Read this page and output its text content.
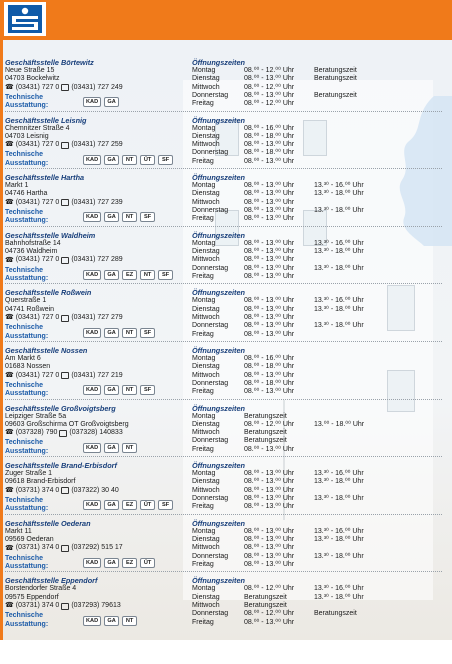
Geschäftsstelle Börtewitz
Neue Straße 15
04703 Bockelwitz
☎ (03431) 727 0 (03431) 727 249
Technische Ausstattung:	KAD	GA
Öffnungszeiten
Montag	08.⁰⁰ - 12.⁰⁰ Uhr	Beratungszeit
Dienstag	08.⁰⁰ - 13.⁰⁰ Uhr	Beratungszeit
Mittwoch	08.⁰⁰ - 12.⁰⁰ Uhr
Donnerstag 08.⁰⁰ - 13.⁰⁰ Uhr	Beratungszeit
Freitag	08.⁰⁰ - 12.⁰⁰ Uhr
Geschäftsstelle Leisnig
Chemnitzer Straße 4
04703 Leisnig
☎ (03431) 727 0 (03431) 727 259
Technische Ausstattung:	KAD	GA	NT	ÜT	SF
Öffnungszeiten
Montag	08.⁰⁰ - 16.⁰⁰ Uhr
Dienstag	08.⁰⁰ - 18.⁰⁰ Uhr
Mittwoch	08.⁰⁰ - 13.⁰⁰ Uhr
Donnerstag 08.⁰⁰ - 18.⁰⁰ Uhr
Freitag	08.⁰⁰ - 13.⁰⁰ Uhr
Geschäftsstelle Hartha
Markt 1
04746 Hartha
☎ (03431) 727 0 (03431) 727 239
Technische Ausstattung:	KAD	GA	NT	SF
Öffnungszeiten
Montag	08.⁰⁰ - 13.⁰⁰ Uhr	13.³⁰ - 16.⁰⁰ Uhr
Dienstag	08.⁰⁰ - 13.⁰⁰ Uhr	13.³⁰ - 18.⁰⁰ Uhr
Mittwoch	08.⁰⁰ - 13.⁰⁰ Uhr
Donnerstag 08.⁰⁰ - 13.⁰⁰ Uhr	13.³⁰ - 18.⁰⁰ Uhr
Freitag	08.⁰⁰ - 13.⁰⁰ Uhr
Geschäftsstelle Waldheim
Bahnhofstraße 14
04736 Waldheim
☎ (03431) 727 0 (03431) 727 289
Technische Ausstattung:	KAD	GA	EZ	NT	SF
Öffnungszeiten
Montag	08.⁰⁰ - 13.⁰⁰ Uhr	13.³⁰ - 16.⁰⁰ Uhr
Dienstag	08.⁰⁰ - 13.⁰⁰ Uhr	13.³⁰ - 18.⁰⁰ Uhr
Mittwoch	08.⁰⁰ - 13.⁰⁰ Uhr
Donnerstag 08.⁰⁰ - 13.⁰⁰ Uhr	13.³⁰ - 18.⁰⁰ Uhr
Freitag	08.⁰⁰ - 13.⁰⁰ Uhr
Geschäftsstelle Roßwein
Querstraße 1
04741 Roßwein
☎ (03431) 727 0 (03431) 727 279
Technische Ausstattung:	KAD	GA	NT	SF
Öffnungszeiten
Montag	08.⁰⁰ - 13.⁰⁰ Uhr	13.³⁰ - 16.⁰⁰ Uhr
Dienstag	08.⁰⁰ - 13.⁰⁰ Uhr	13.³⁰ - 18.⁰⁰ Uhr
Mittwoch	08.⁰⁰ - 13.⁰⁰ Uhr
Donnerstag 08.⁰⁰ - 13.⁰⁰ Uhr	13.³⁰ - 18.⁰⁰ Uhr
Freitag	08.⁰⁰ - 13.⁰⁰ Uhr
Geschäftsstelle Nossen
Am Markt 6
01683 Nossen
☎ (03431) 727 0 (03431) 727 219
Technische Ausstattung:	KAD	GA	NT	SF
Öffnungszeiten
Montag	08.⁰⁰ - 16.⁰⁰ Uhr
Dienstag	08.⁰⁰ - 18.⁰⁰ Uhr
Mittwoch	08.⁰⁰ - 13.⁰⁰ Uhr
Donnerstag 08.⁰⁰ - 18.⁰⁰ Uhr
Freitag	08.⁰⁰ - 13.⁰⁰ Uhr
Geschäftsstelle Großvoigtsberg
Leipziger Straße 5a
09603 Großschirma OT Großvoigtsberg
☎ (037328) 790 (037328) 140833
Technische Ausstattung:	KAD	GA	NT
Öffnungszeiten
Montag	Beratungszeit
Dienstag	08.⁰⁰ - 12.⁰⁰ Uhr	13.⁰⁰ - 18.⁰⁰ Uhr
Mittwoch	Beratungszeit
Donnerstag Beratungszeit
Freitag	08.⁰⁰ - 13.⁰⁰ Uhr
Geschäftsstelle Brand-Erbisdorf
Zuger Straße 1
09618 Brand-Erbisdorf
☎ (03731) 374 0 (037322) 30 40
Technische Ausstattung:	KAD	GA	EZ	ÜT	SF
Öffnungszeiten
Montag	08.⁰⁰ - 13.⁰⁰ Uhr	13.³⁰ - 16.⁰⁰ Uhr
Dienstag	08.⁰⁰ - 13.⁰⁰ Uhr	13.³⁰ - 18.⁰⁰ Uhr
Mittwoch	08.⁰⁰ - 13.⁰⁰ Uhr
Donnerstag 08.⁰⁰ - 13.⁰⁰ Uhr	13.³⁰ - 18.⁰⁰ Uhr
Freitag	08.⁰⁰ - 13.⁰⁰ Uhr
Geschäftsstelle Oederan
Markt 11
09569 Oederan
☎ (03731) 374 0 (037292) 515 17
Technische Ausstattung:	KAD	GA	EZ	ÜT
Öffnungszeiten
Montag	08.⁰⁰ - 13.⁰⁰ Uhr	13.³⁰ - 16.⁰⁰ Uhr
Dienstag	08.⁰⁰ - 13.⁰⁰ Uhr	13.³⁰ - 18.⁰⁰ Uhr
Mittwoch	08.⁰⁰ - 13.⁰⁰ Uhr
Donnerstag 08.⁰⁰ - 13.⁰⁰ Uhr	13.³⁰ - 18.⁰⁰ Uhr
Freitag	08.⁰⁰ - 13.⁰⁰ Uhr
Geschäftsstelle Eppendorf
Borstendorfer Straße 4
09575 Eppendorf
☎ (03731) 374 0 (037293) 79613
Technische Ausstattung:	KAD	GA	NT
Öffnungszeiten
Montag	08.⁰⁰ - 12.⁰⁰ Uhr	13.³⁰ - 16.⁰⁰ Uhr
Dienstag	Beratungszeit	13.³⁰ - 18.⁰⁰ Uhr
Mittwoch	Beratungszeit
Donnerstag 08.⁰⁰ - 12.⁰⁰ Uhr	Beratungszeit
Freitag	08.⁰⁰ - 13.⁰⁰ Uhr
